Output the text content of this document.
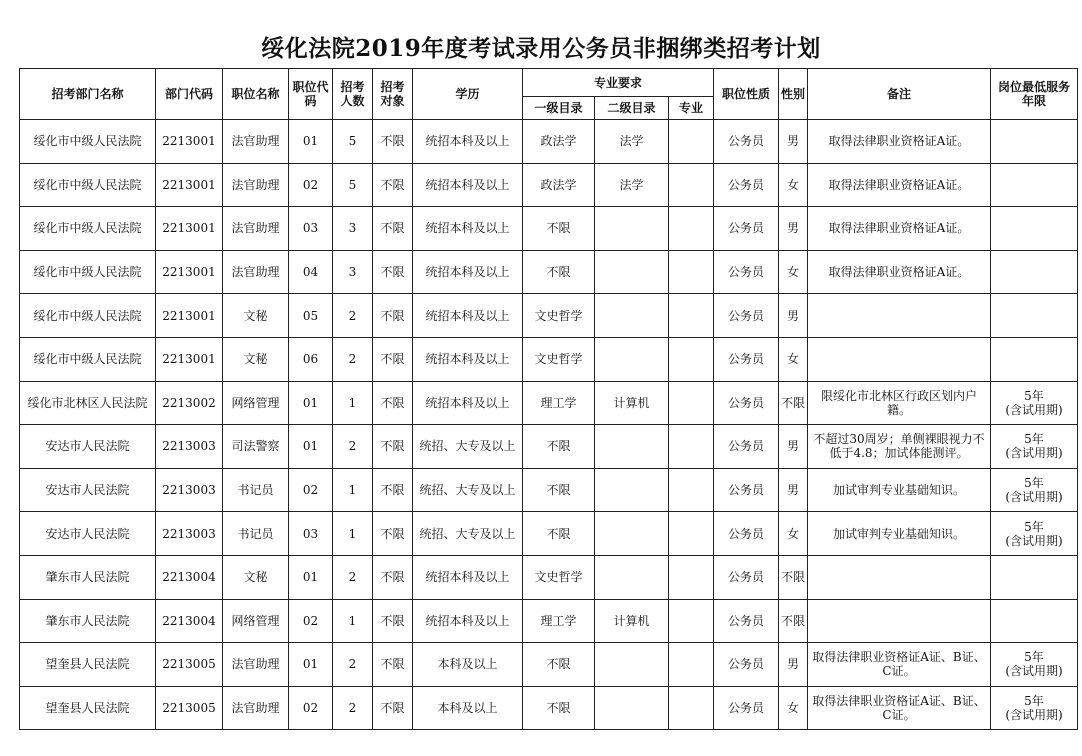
绥化法院2019年度考试录用公务员非捆绑类招考计划
招考部门名称	部门代码	职位名称	职位代码	招考人数	招考对象	学历	专业要求			职位性质	性别	备注	岗位最低服务年限
							一级目录	二级目录	专业				
绥化市中级人民法院	2213001	法官助理	01	5	不限	统招本科及以上	政法学	法学		公务员	男	取得法律职业资格证A证。	

绥化市中级人民法院	2213001	法官助理	02	5	不限	统招本科及以上	政法学	法学		公务员	女	取得法律职业资格证A证。	

绥化市中级人民法院	2213001	法官助理	03	3	不限	统招本科及以上	不限			公务员	男	取得法律职业资格证A证。	

绥化市中级人民法院	2213001	法官助理	04	3	不限	统招本科及以上	不限			公务员	女	取得法律职业资格证A证。	

绥化市中级人民法院	2213001	文秘	05	2	不限	统招本科及以上	文史哲学			公务员	男		

绥化市中级人民法院	2213001	文秘	06	2	不限	统招本科及以上	文史哲学			公务员	女		

绥化市北林区人民法院	2213002	网络管理	01	1	不限	统招本科及以上	理工学	计算机		公务员	不限	限绥化市北林区行政区划内户籍。	5年
(含试用期)

安达市人民法院	2213003	司法警察	01	2	不限	统招、大专及以上	不限			公务员	男	不超过30周岁；单侧裸眼视力不低于4.8；加试体能测评。	5年
(含试用期)

安达市人民法院	2213003	书记员	02	1	不限	统招、大专及以上	不限			公务员	男	加试审判专业基础知识。	5年
(含试用期)

安达市人民法院	2213003	书记员	03	1	不限	统招、大专及以上	不限			公务员	女	加试审判专业基础知识。	5年
(含试用期)

肇东市人民法院	2213004	文秘	01	2	不限	统招本科及以上	文史哲学			公务员	不限		

肇东市人民法院	2213004	网络管理	02	1	不限	统招本科及以上	理工学	计算机		公务员	不限		

望奎县人民法院	2213005	法官助理	01	2	不限	本科及以上	不限			公务员	男	取得法律职业资格证A证、B证、C证。	5年
(含试用期)

望奎县人民法院	2213005	法官助理	02	2	不限	本科及以上	不限			公务员	女	取得法律职业资格证A证、B证、C证。	5年
(含试用期)
